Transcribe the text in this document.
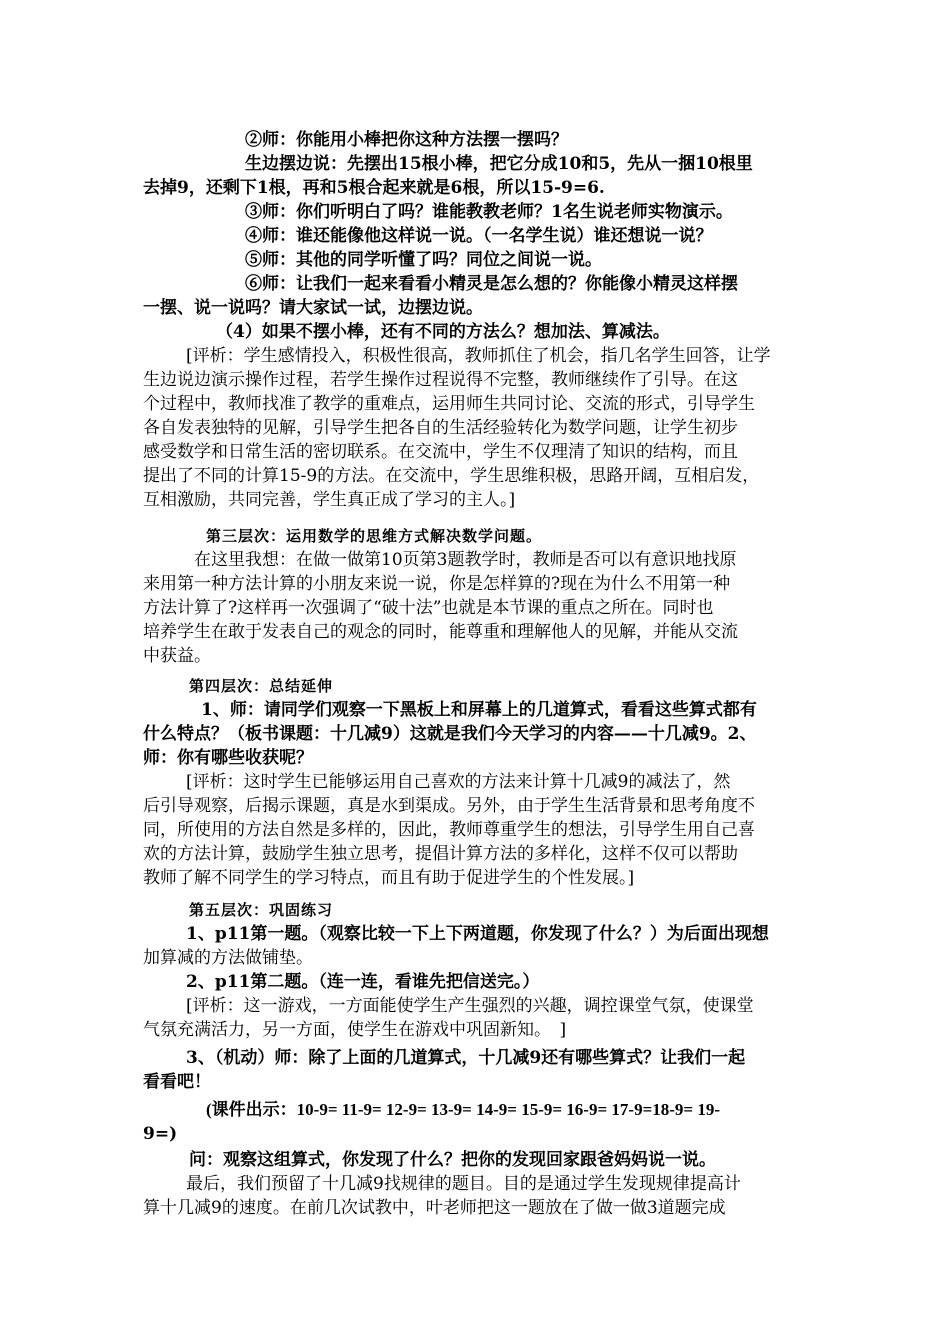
②师：你能用小棒把你这种方法摆一摆吗？
生边摆边说：先摆出15根小棒，把它分成10和5，先从一捆10根里
去掉9，还剩下1根，再和5根合起来就是6根，所以15-9=6.
③师：你们听明白了吗？谁能教教老师？1名生说老师实物演示。
④师：谁还能像他这样说一说。（一名学生说）谁还想说一说？
⑤师：其他的同学听懂了吗？同位之间说一说。
⑥师：让我们一起来看看小精灵是怎么想的？你能像小精灵这样摆
一摆、说一说吗？请大家试一试，边摆边说。
（4）如果不摆小棒，还有不同的方法么？想加法、算减法。
[评析：学生感情投入，积极性很高，教师抓住了机会，指几名学生回答，让学
生边说边演示操作过程，若学生操作过程说得不完整，教师继续作了引导。在这
个过程中，教师找准了教学的重难点，运用师生共同讨论、交流的形式，引导学生
各自发表独特的见解，引导学生把各自的生活经验转化为数学问题，让学生初步
感受数学和日常生活的密切联系。在交流中，学生不仅理清了知识的结构，而且
提出了不同的计算15-9的方法。在交流中，学生思维积极，思路开阔，互相启发，
互相激励，共同完善，学生真正成了学习的主人。]
第三层次：运用数学的思维方式解决数学问题。
在这里我想：在做一做第10页第3题教学时，教师是否可以有意识地找原
来用第一种方法计算的小朋友来说一说，你是怎样算的?现在为什么不用第一种
方法计算了?这样再一次强调了“破十法”也就是本节课的重点之所在。同时也
培养学生在敢于发表自己的观念的同时，能尊重和理解他人的见解，并能从交流
中获益。
第四层次：总结延伸
1、师：请同学们观察一下黑板上和屏幕上的几道算式，看看这些算式都有
什么特点？（板书课题：十几减9）这就是我们今天学习的内容——十几减9。2、
师：你有哪些收获呢？
[评析：这时学生已能够运用自己喜欢的方法来计算十几减9的减法了，然
后引导观察，后揭示课题，真是水到渠成。另外，由于学生生活背景和思考角度不
同，所使用的方法自然是多样的，因此，教师尊重学生的想法，引导学生用自己喜
欢的方法计算，鼓励学生独立思考，提倡计算方法的多样化，这样不仅可以帮助
教师了解不同学生的学习特点，而且有助于促进学生的个性发展。]
第五层次：巩固练习
1、p11第一题。（观察比较一下上下两道题，你发现了什么？）为后面出现想
加算减的方法做铺垫。
2、p11第二题。（连一连，看谁先把信送完。）
[评析：这一游戏，一方面能使学生产生强烈的兴趣，调控课堂气氛，使课堂
气氛充满活力，另一方面，使学生在游戏中巩固新知。　]
3、（机动）师：除了上面的几道算式，十几减9还有哪些算式？让我们一起
看看吧！
(课件出示：10-9= 11-9= 12-9= 13-9= 14-9= 15-9= 16-9= 17-9=18-9= 19-
9=)
问：观察这组算式，你发现了什么？把你的发现回家跟爸妈妈说一说。
最后，我们预留了十几减9找规律的题目。目的是通过学生发现规律提高计
算十几减9的速度。在前几次试教中，叶老师把这一题放在了做一做3道题完成
